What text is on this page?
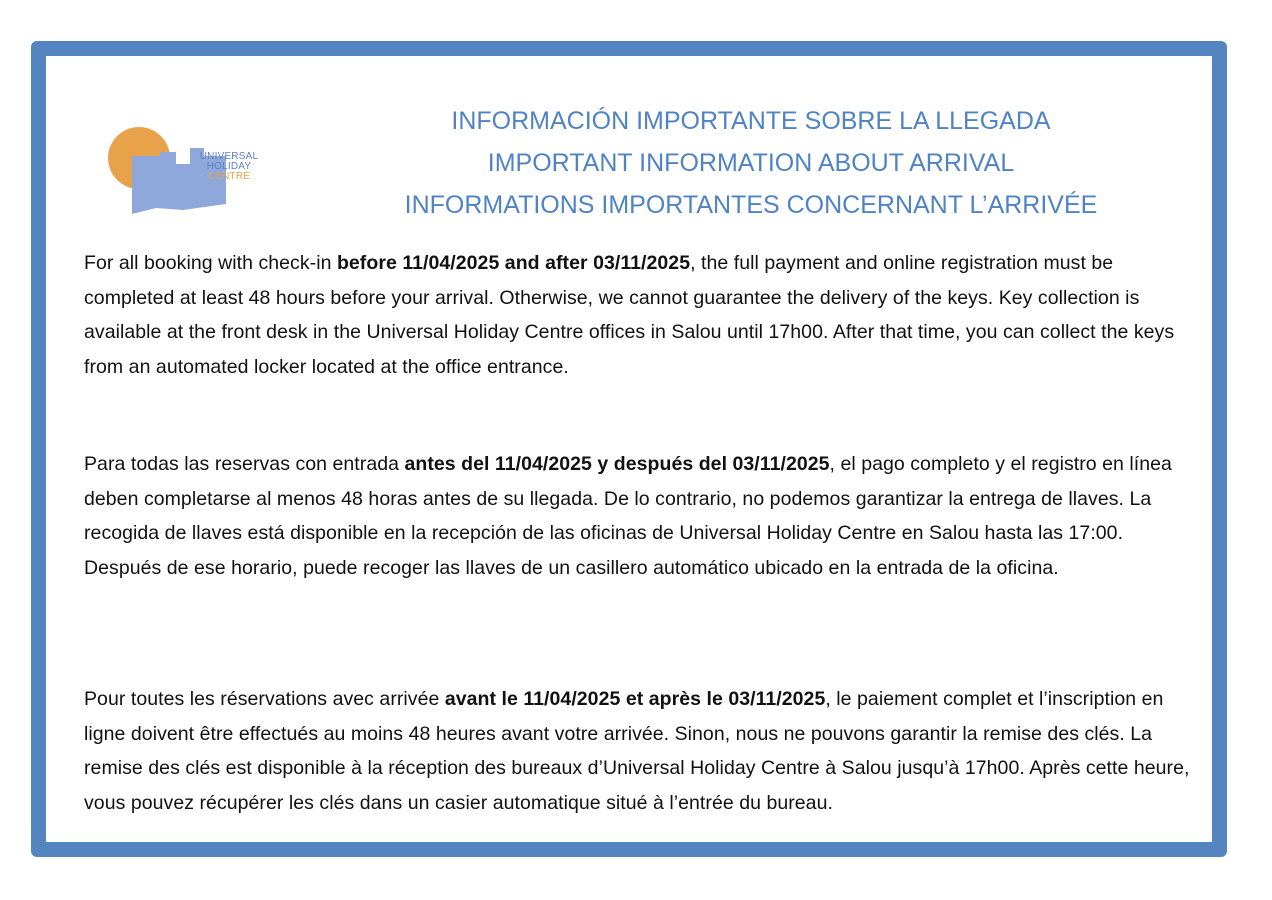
UNIVERSAL
HOLIDAY
CENTRE
INFORMACIÓN IMPORTANTE SOBRE LA LLEGADA
IMPORTANT INFORMATION ABOUT ARRIVAL
INFORMATIONS IMPORTANTES CONCERNANT L’ARRIVÉE
For all booking with check-in before 11/04/2025 and after 03/11/2025, the full payment and online registration must be completed at least 48 hours before your arrival. Otherwise, we cannot guarantee the delivery of the keys. Key collection is available at the front desk in the Universal Holiday Centre offices in Salou until 17h00. After that time, you can collect the keys from an automated locker located at the office entrance.
Para todas las reservas con entrada antes del 11/04/2025 y después del 03/11/2025, el pago completo y el registro en línea deben completarse al menos 48 horas antes de su llegada. De lo contrario, no podemos garantizar la entrega de llaves. La recogida de llaves está disponible en la recepción de las oficinas de Universal Holiday Centre en Salou hasta las 17:00. Después de ese horario, puede recoger las llaves de un casillero automático ubicado en la entrada de la oficina.
Pour toutes les réservations avec arrivée avant le 11/04/2025 et après le 03/11/2025, le paiement complet et l’inscription en ligne doivent être effectués au moins 48 heures avant votre arrivée. Sinon, nous ne pouvons garantir la remise des clés. La remise des clés est disponible à la réception des bureaux d’Universal Holiday Centre à Salou jusqu’à 17h00. Après cette heure, vous pouvez récupérer les clés dans un casier automatique situé à l’entrée du bureau.
